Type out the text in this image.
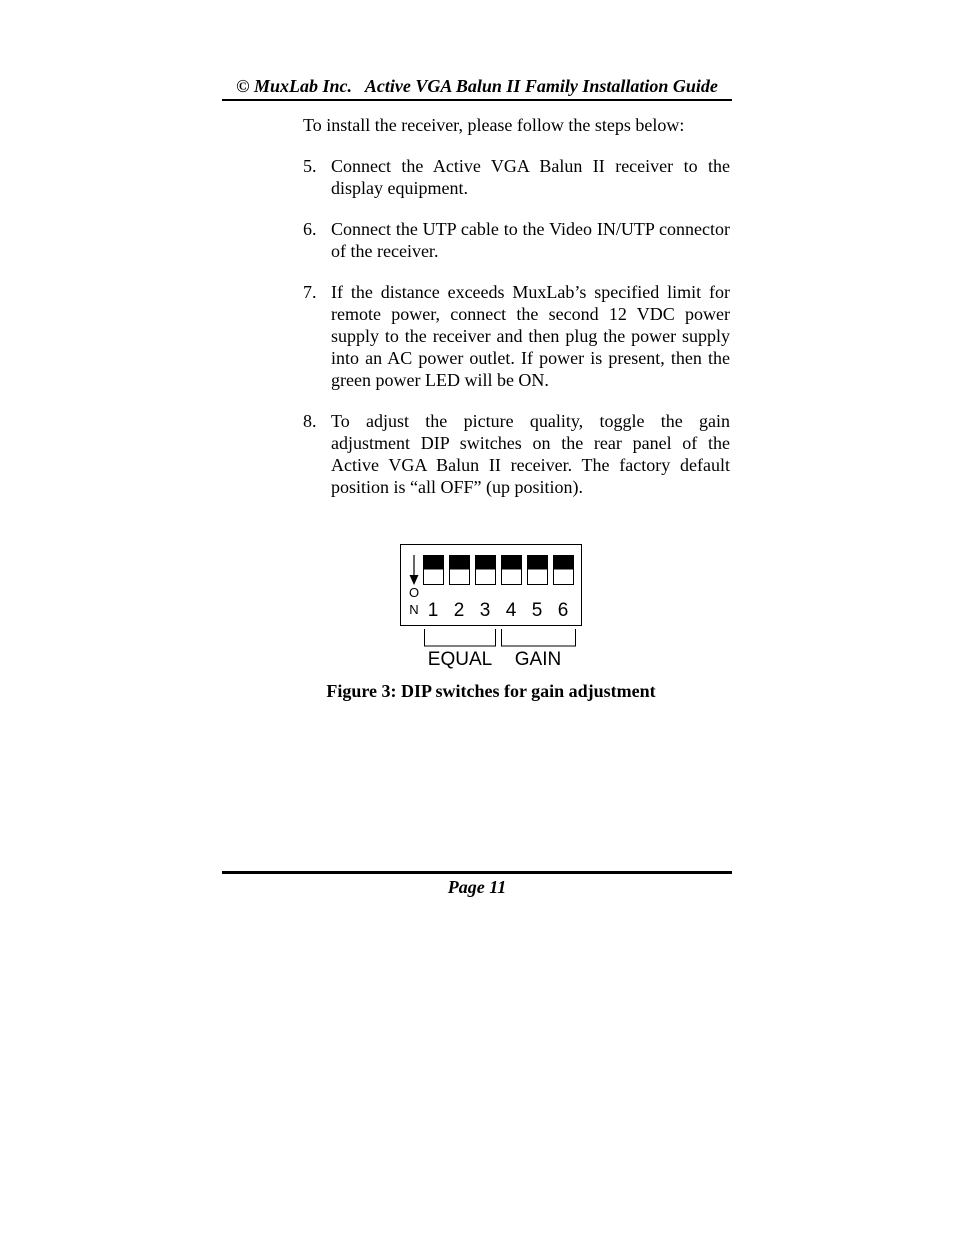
© MuxLab Inc.   Active VGA Balun II Family Installation Guide

To install the receiver, please follow the steps below:

5. Connect the Active VGA Balun II receiver to the display equipment.
6. Connect the UTP cable to the Video IN/UTP connector of the receiver.
7. If the distance exceeds MuxLab’s specified limit for remote power, connect the second 12 VDC power supply to the receiver and then plug the power supply into an AC power outlet. If power is present, then the green power LED will be ON.
8. To adjust the picture quality, toggle the gain adjustment DIP switches on the rear panel of the Active VGA Balun II receiver. The factory default position is “all OFF” (up position).
O
N 1 2 3 4 5 6
EQUAL GAIN
Figure 3: DIP switches for gain adjustment
Page 11
